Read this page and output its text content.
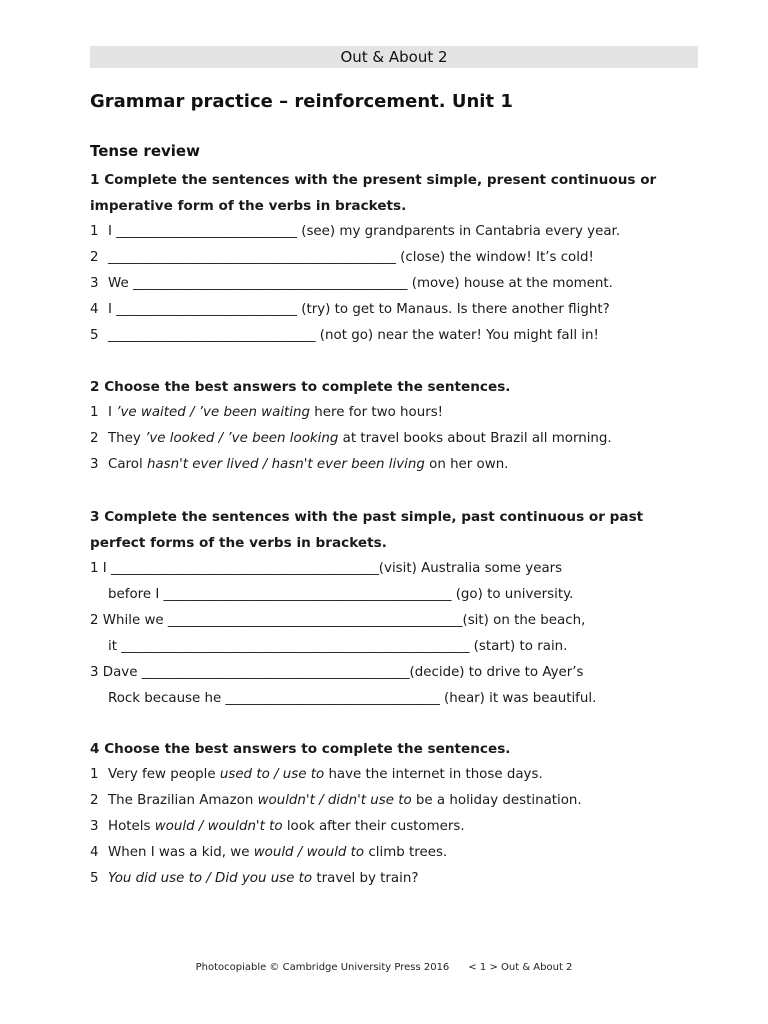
Out & About 2
Grammar practice – reinforcement. Unit 1
Tense review
1 Complete the sentences with the present simple, present continuous or
imperative form of the verbs in brackets.
1 I ___________________________ (see) my grandparents in Cantabria every year.
2 ___________________________________________ (close) the window! It’s cold!
3 We _________________________________________ (move) house at the moment.
4 I ___________________________ (try) to get to Manaus. Is there another flight?
5 _______________________________ (not go) near the water! You might fall in!
2 Choose the best answers to complete the sentences.
1 I ’ve waited / ’ve been waiting here for two hours!
2 They ’ve looked / ’ve been looking at travel books about Brazil all morning.
3 Carol hasn't ever lived / hasn't ever been living on her own.
3 Complete the sentences with the past simple, past continuous or past
perfect forms of the verbs in brackets.
1 I ________________________________________(visit) Australia some years
before I ___________________________________________ (go) to university.
2 While we ____________________________________________(sit) on the beach,
it ____________________________________________________ (start) to rain.
3 Dave ________________________________________(decide) to drive to Ayer’s
Rock because he ________________________________ (hear) it was beautiful.
4 Choose the best answers to complete the sentences.
1 Very few people used to / use to have the internet in those days.
2 The Brazilian Amazon wouldn't / didn't use to be a holiday destination.
3 Hotels would / wouldn't to look after their customers.
4 When I was a kid, we would / would to climb trees.
5 You did use to / Did you use to travel by train?
Photocopiable © Cambridge University Press 2016      < 1 > Out & About 2
